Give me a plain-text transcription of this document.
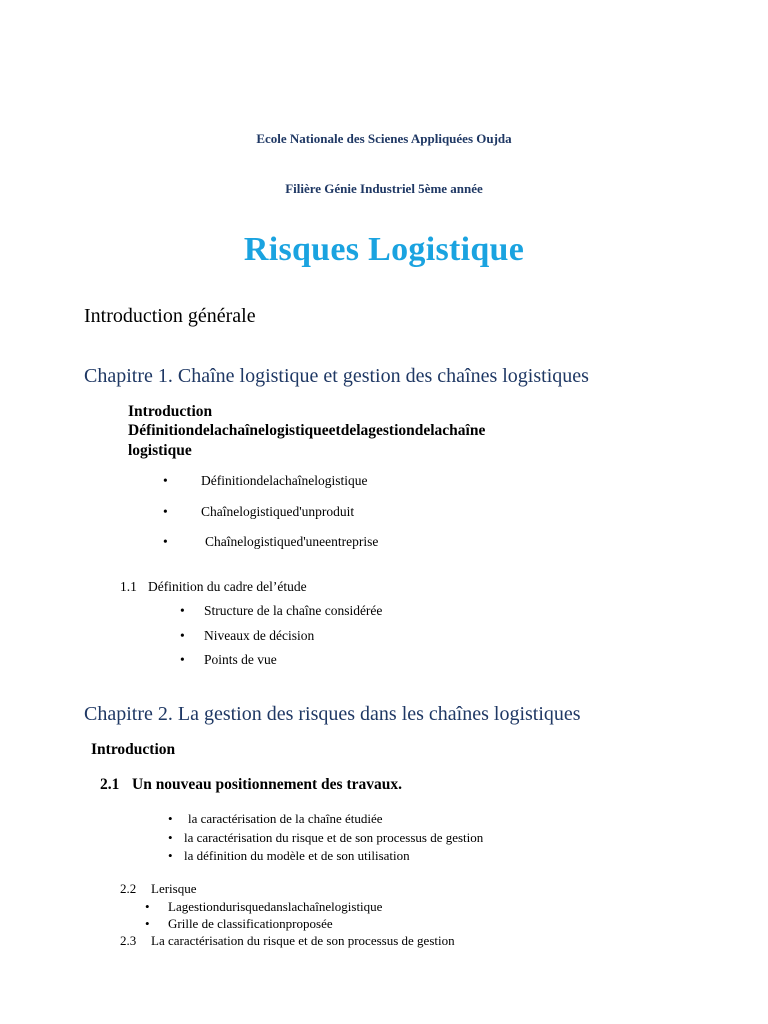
Ecole Nationale des Scienes Appliquées Oujda
Filière Génie Industriel 5ème année
Risques Logistique
Introduction générale
Chapitre 1. Chaîne logistique et gestion des chaînes logistiques
Introduction
Définitiondelachaînelogistiqueetdelagestiondelachaîne
logistique
• Définitiondelachaînelogistique
• Chaînelogistiqued'unproduit
•	Chaînelogistiqued'uneentreprise
1.1 Définition du cadre del’étude
• Structure de la chaîne considérée
• Niveaux de décision
• Points de vue
Chapitre 2. La gestion des risques dans les chaînes logistiques
Introduction
2.1 Un nouveau positionnement des travaux.
• la caractérisation de la chaîne étudiée
• la caractérisation du risque et de son processus de gestion
• la définition du modèle et de son utilisation
2.2 Lerisque
• Lagestiondurisquedanslachaînelogistique
• Grille de classificationproposée
2.3 La caractérisation du risque et de son processus de gestion
